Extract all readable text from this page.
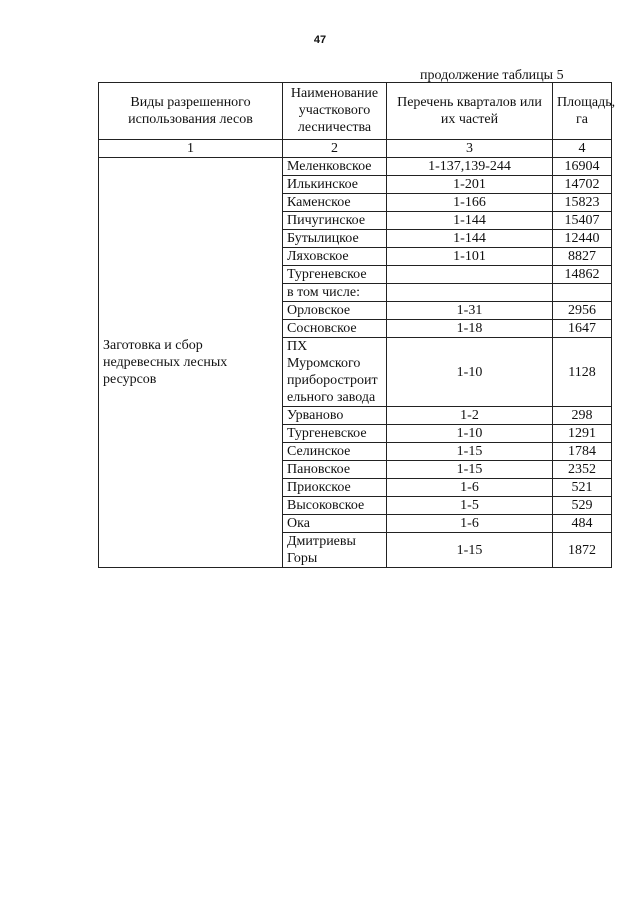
47
продолжение таблицы 5
Виды разрешенного использования лесов	Наименование участкового лесничества	Перечень кварталов или их частей	Площадь, га
1	2	3	4
Заготовка и сбор недревесных лесных ресурсов	Меленковское	1-137,139-244	16904
	Илькинское	1-201	14702
	Каменское	1-166	15823
	Пичугинское	1-144	15407
	Бутылицкое	1-144	12440
	Ляховское	1-101	8827
	Тургеневское		14862
	в том числе:		
	Орловское	1-31	2956
	Сосновское	1-18	1647
	ПХ Муромского приборостроит ельного завода	1-10	1128
	Урваново	1-2	298
	Тургеневское	1-10	1291
	Селинское	1-15	1784
	Пановское	1-15	2352
	Приокское	1-6	521
	Высоковское	1-5	529
	Ока	1-6	484
	Дмитриевы Горы	1-15	1872
